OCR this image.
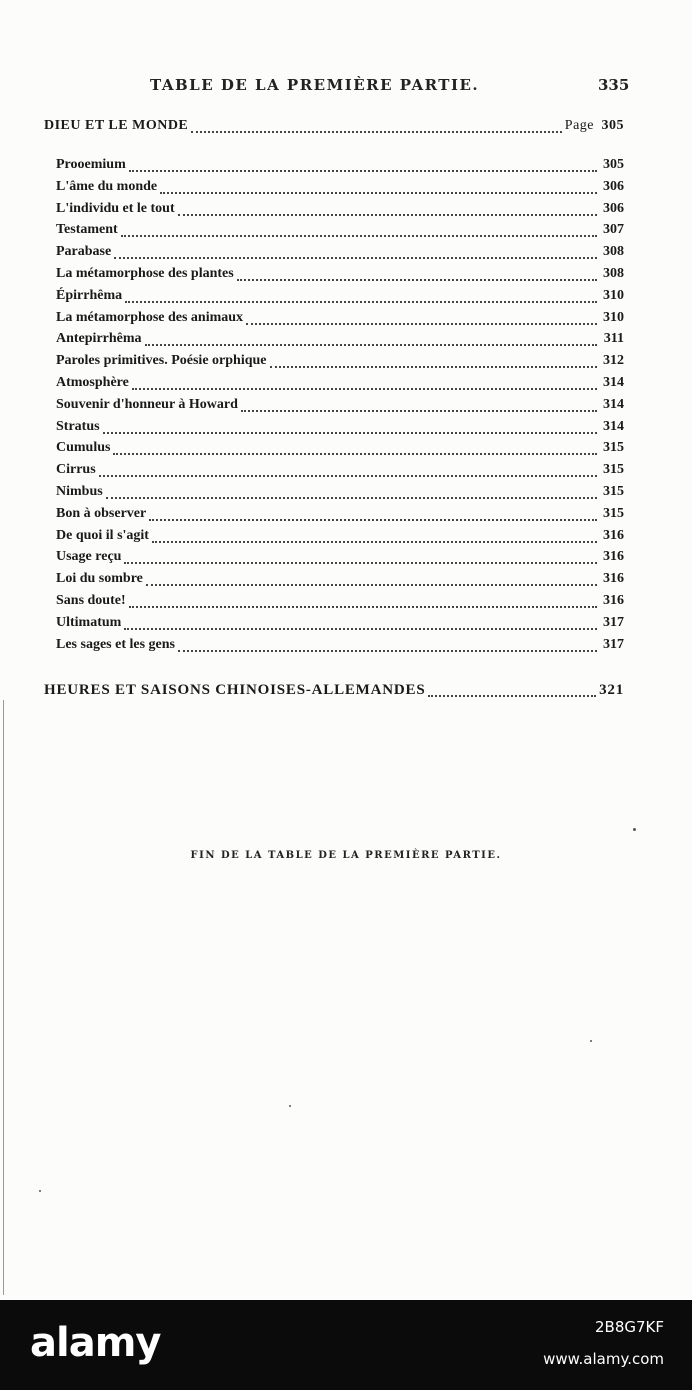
TABLE DE LA PREMIÈRE PARTIE.	335
DIEU ET LE MONDE	Page 305
Prooemium	305
L'âme du monde	306
L'individu et le tout	306
Testament	307
Parabase	308
La métamorphose des plantes	308
Épirrhêma	310
La métamorphose des animaux	310
Antepirrhêma	311
Paroles primitives. Poésie orphique	312
Atmosphère	314
Souvenir d'honneur à Howard	314
Stratus	314
Cumulus	315
Cirrus	315
Nimbus	315
Bon à observer	315
De quoi il s'agit	316
Usage reçu	316
Loi du sombre	316
Sans doute!	316
Ultimatum	317
Les sages et les gens	317
HEURES ET SAISONS CHINOISES-ALLEMANDES	321
FIN DE LA TABLE DE LA PREMIÈRE PARTIE.
alamy	2B8G7KF
www.alamy.com
